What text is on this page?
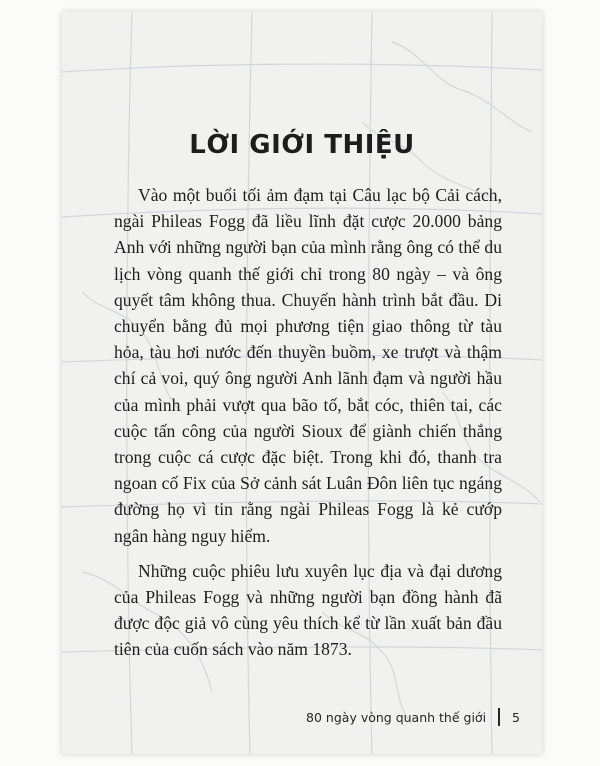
LỜI GIỚI THIỆU

Vào một buổi tối ảm đạm tại Câu lạc bộ Cải cách, ngài Phileas Fogg đã liều lĩnh đặt cược 20.000 bảng Anh với những người bạn của mình rằng ông có thể du lịch vòng quanh thế giới chỉ trong 80 ngày – và ông quyết tâm không thua. Chuyến hành trình bắt đầu. Di chuyển bằng đủ mọi phương tiện giao thông từ tàu hỏa, tàu hơi nước đến thuyền buồm, xe trượt và thậm chí cả voi, quý ông người Anh lãnh đạm và người hầu của mình phải vượt qua bão tố, bắt cóc, thiên tai, các cuộc tấn công của người Sioux để giành chiến thắng trong cuộc cá cược đặc biệt. Trong khi đó, thanh tra ngoan cố Fix của Sở cảnh sát Luân Đôn liên tục ngáng đường họ vì tin rằng ngài Phileas Fogg là kẻ cướp ngân hàng nguy hiểm.

Những cuộc phiêu lưu xuyên lục địa và đại dương của Phileas Fogg và những người bạn đồng hành đã được độc giả vô cùng yêu thích kể từ lần xuất bản đầu tiên của cuốn sách vào năm 1873.

80 ngày vòng quanh thế giới 5
